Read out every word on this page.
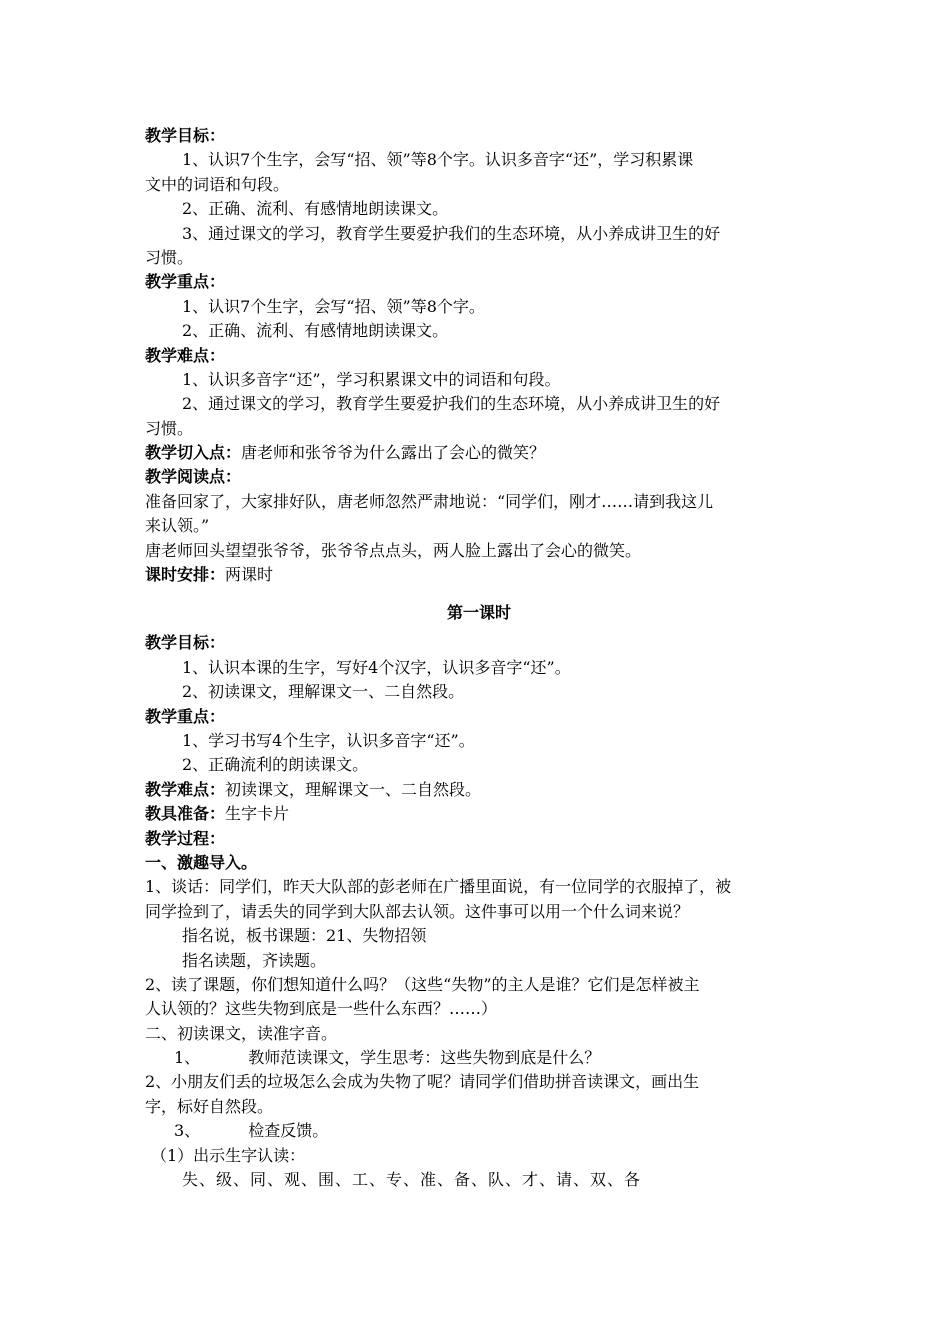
教学目标：
1、认识7个生字，会写“招、领”等8个字。认识多音字“还”，学习积累课
文中的词语和句段。
2、正确、流利、有感情地朗读课文。
3、通过课文的学习，教育学生要爱护我们的生态环境，从小养成讲卫生的好
习惯。
教学重点：
1、认识7个生字，会写“招、领”等8个字。
2、正确、流利、有感情地朗读课文。
教学难点：
1、认识多音字“还”，学习积累课文中的词语和句段。
2、通过课文的学习，教育学生要爱护我们的生态环境，从小养成讲卫生的好
习惯。
教学切入点：唐老师和张爷爷为什么露出了会心的微笑？
教学阅读点：
准备回家了，大家排好队，唐老师忽然严肃地说：“同学们，刚才……请到我这儿
来认领。”
唐老师回头望望张爷爷，张爷爷点点头，两人脸上露出了会心的微笑。
课时安排：两课时
第一课时
教学目标：
1、认识本课的生字，写好4个汉字，认识多音字“还”。
2、初读课文，理解课文一、二自然段。
教学重点：
1、学习书写4个生字，认识多音字“还”。
2、正确流利的朗读课文。
教学难点：初读课文，理解课文一、二自然段。
教具准备：生字卡片
教学过程：
一、激趣导入。
1、谈话：同学们，昨天大队部的彭老师在广播里面说，有一位同学的衣服掉了，被
同学捡到了，请丢失的同学到大队部去认领。这件事可以用一个什么词来说？
指名说，板书课题：21、失物招领
指名读题，齐读题。
2、读了课题，你们想知道什么吗？（这些“失物”的主人是谁？它们是怎样被主
人认领的？这些失物到底是一些什么东西？……）
二、初读课文，读准字音。
1、	教师范读课文，学生思考：这些失物到底是什么？
2、小朋友们丢的垃圾怎么会成为失物了呢？请同学们借助拼音读课文，画出生
字，标好自然段。
3、	检查反馈。
（1）出示生字认读：
失、级、同、观、围、工、专、准、备、队、才、请、双、各
